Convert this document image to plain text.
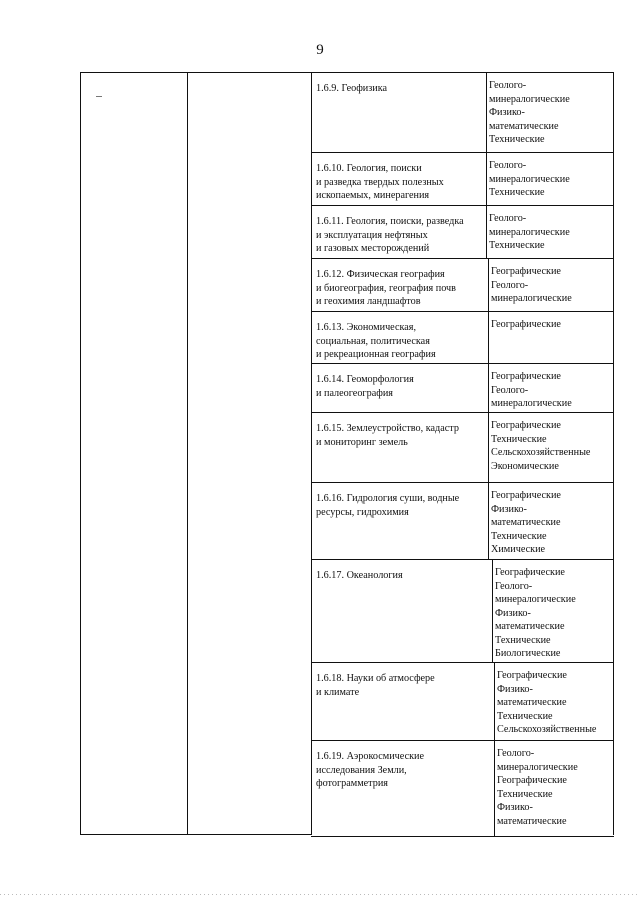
9
1.6.9. Геофизика	Геолого-
минералогические
Физико-
математические
Технические
1.6.10. Геология, поиски
и разведка твердых полезных
ископаемых, минерагения
Геолого-
минералогические
Технические
1.6.11. Геология, поиски, разведка
и эксплуатация нефтяных
и газовых месторождений
Геолого-
минералогические
Технические
1.6.12. Физическая география
и биогеография, география почв
и геохимия ландшафтов
Географические
Геолого-
минералогические
1.6.13. Экономическая,
социальная, политическая
и рекреационная география
Географические
1.6.14. Геоморфология
и палеогеография
Географические
Геолого-
минералогические
1.6.15. Землеустройство, кадастр
и мониторинг земель
Географические
Технические
Сельскохозяйственные
Экономические
1.6.16. Гидрология суши, водные
ресурсы, гидрохимия
Географические
Физико-
математические
Технические
Химические
1.6.17. Океанология	Географические
Геолого-
минералогические
Физико-
математические
Технические
Биологические
1.6.18. Науки об атмосфере
и климате
Географические
Физико-
математические
Технические
Сельскохозяйственные
1.6.19. Аэрокосмические
исследования Земли,
фотограмметрия
Геолого-
минералогические
Географические
Технические
Физико-
математические
